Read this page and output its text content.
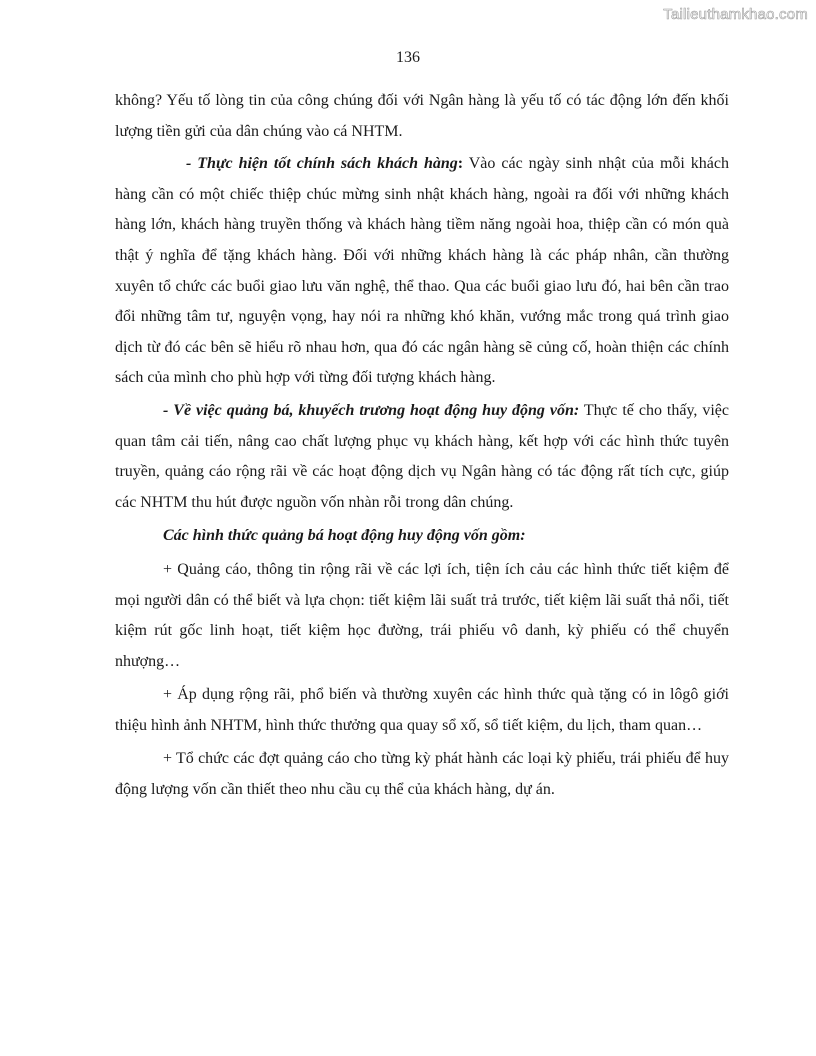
Tailieuthamkhao.com
136

không? Yếu tố lòng tin của công chúng đối với Ngân hàng là yếu tố có tác động lớn đến khối lượng tiền gửi của dân chúng vào cá NHTM.

- Thực hiện tốt chính sách khách hàng: Vào các ngày sinh nhật của mỗi khách hàng cần có một chiếc thiệp chúc mừng sinh nhật khách hàng, ngoài ra đối với những khách hàng lớn, khách hàng truyền thống và khách hàng tiềm năng ngoài hoa, thiệp cần có món quà thật ý nghĩa để tặng khách hàng. Đối với những khách hàng là các pháp nhân, cần thường xuyên tổ chức các buổi giao lưu văn nghệ, thể thao. Qua các buổi giao lưu đó, hai bên cần trao đổi những tâm tư, nguyện vọng, hay nói ra những khó khăn, vướng mắc trong quá trình giao dịch từ đó các bên sẽ hiểu rõ nhau hơn, qua đó các ngân hàng sẽ củng cố, hoàn thiện các chính sách của mình cho phù hợp với từng đối tượng khách hàng.

- Về việc quảng bá, khuyếch trương hoạt động huy động vốn: Thực tế cho thấy, việc quan tâm cải tiến, nâng cao chất lượng phục vụ khách hàng, kết hợp với các hình thức tuyên truyền, quảng cáo rộng rãi về các hoạt động dịch vụ Ngân hàng có tác động rất tích cực, giúp các NHTM thu hút được nguồn vốn nhàn rỗi trong dân chúng.

Các hình thức quảng bá hoạt động huy động vốn gồm:

+ Quảng cáo, thông tin rộng rãi về các lợi ích, tiện ích cảu các hình thức tiết kiệm để mọi người dân có thể biết và lựa chọn: tiết kiệm lãi suất trả trước, tiết kiệm lãi suất thả nổi, tiết kiệm rút gốc linh hoạt, tiết kiệm học đường, trái phiếu vô danh, kỳ phiếu có thể chuyển nhượng…

+ Áp dụng rộng rãi, phổ biến và thường xuyên các hình thức quà tặng có in lôgô giới thiệu hình ảnh NHTM, hình thức thưởng qua quay sổ xố, sổ tiết kiệm, du lịch, tham quan…

+ Tổ chức các đợt quảng cáo cho từng kỳ phát hành các loại kỳ phiếu, trái phiếu để huy động lượng vốn cần thiết theo nhu cầu cụ thể của khách hàng, dự án.
